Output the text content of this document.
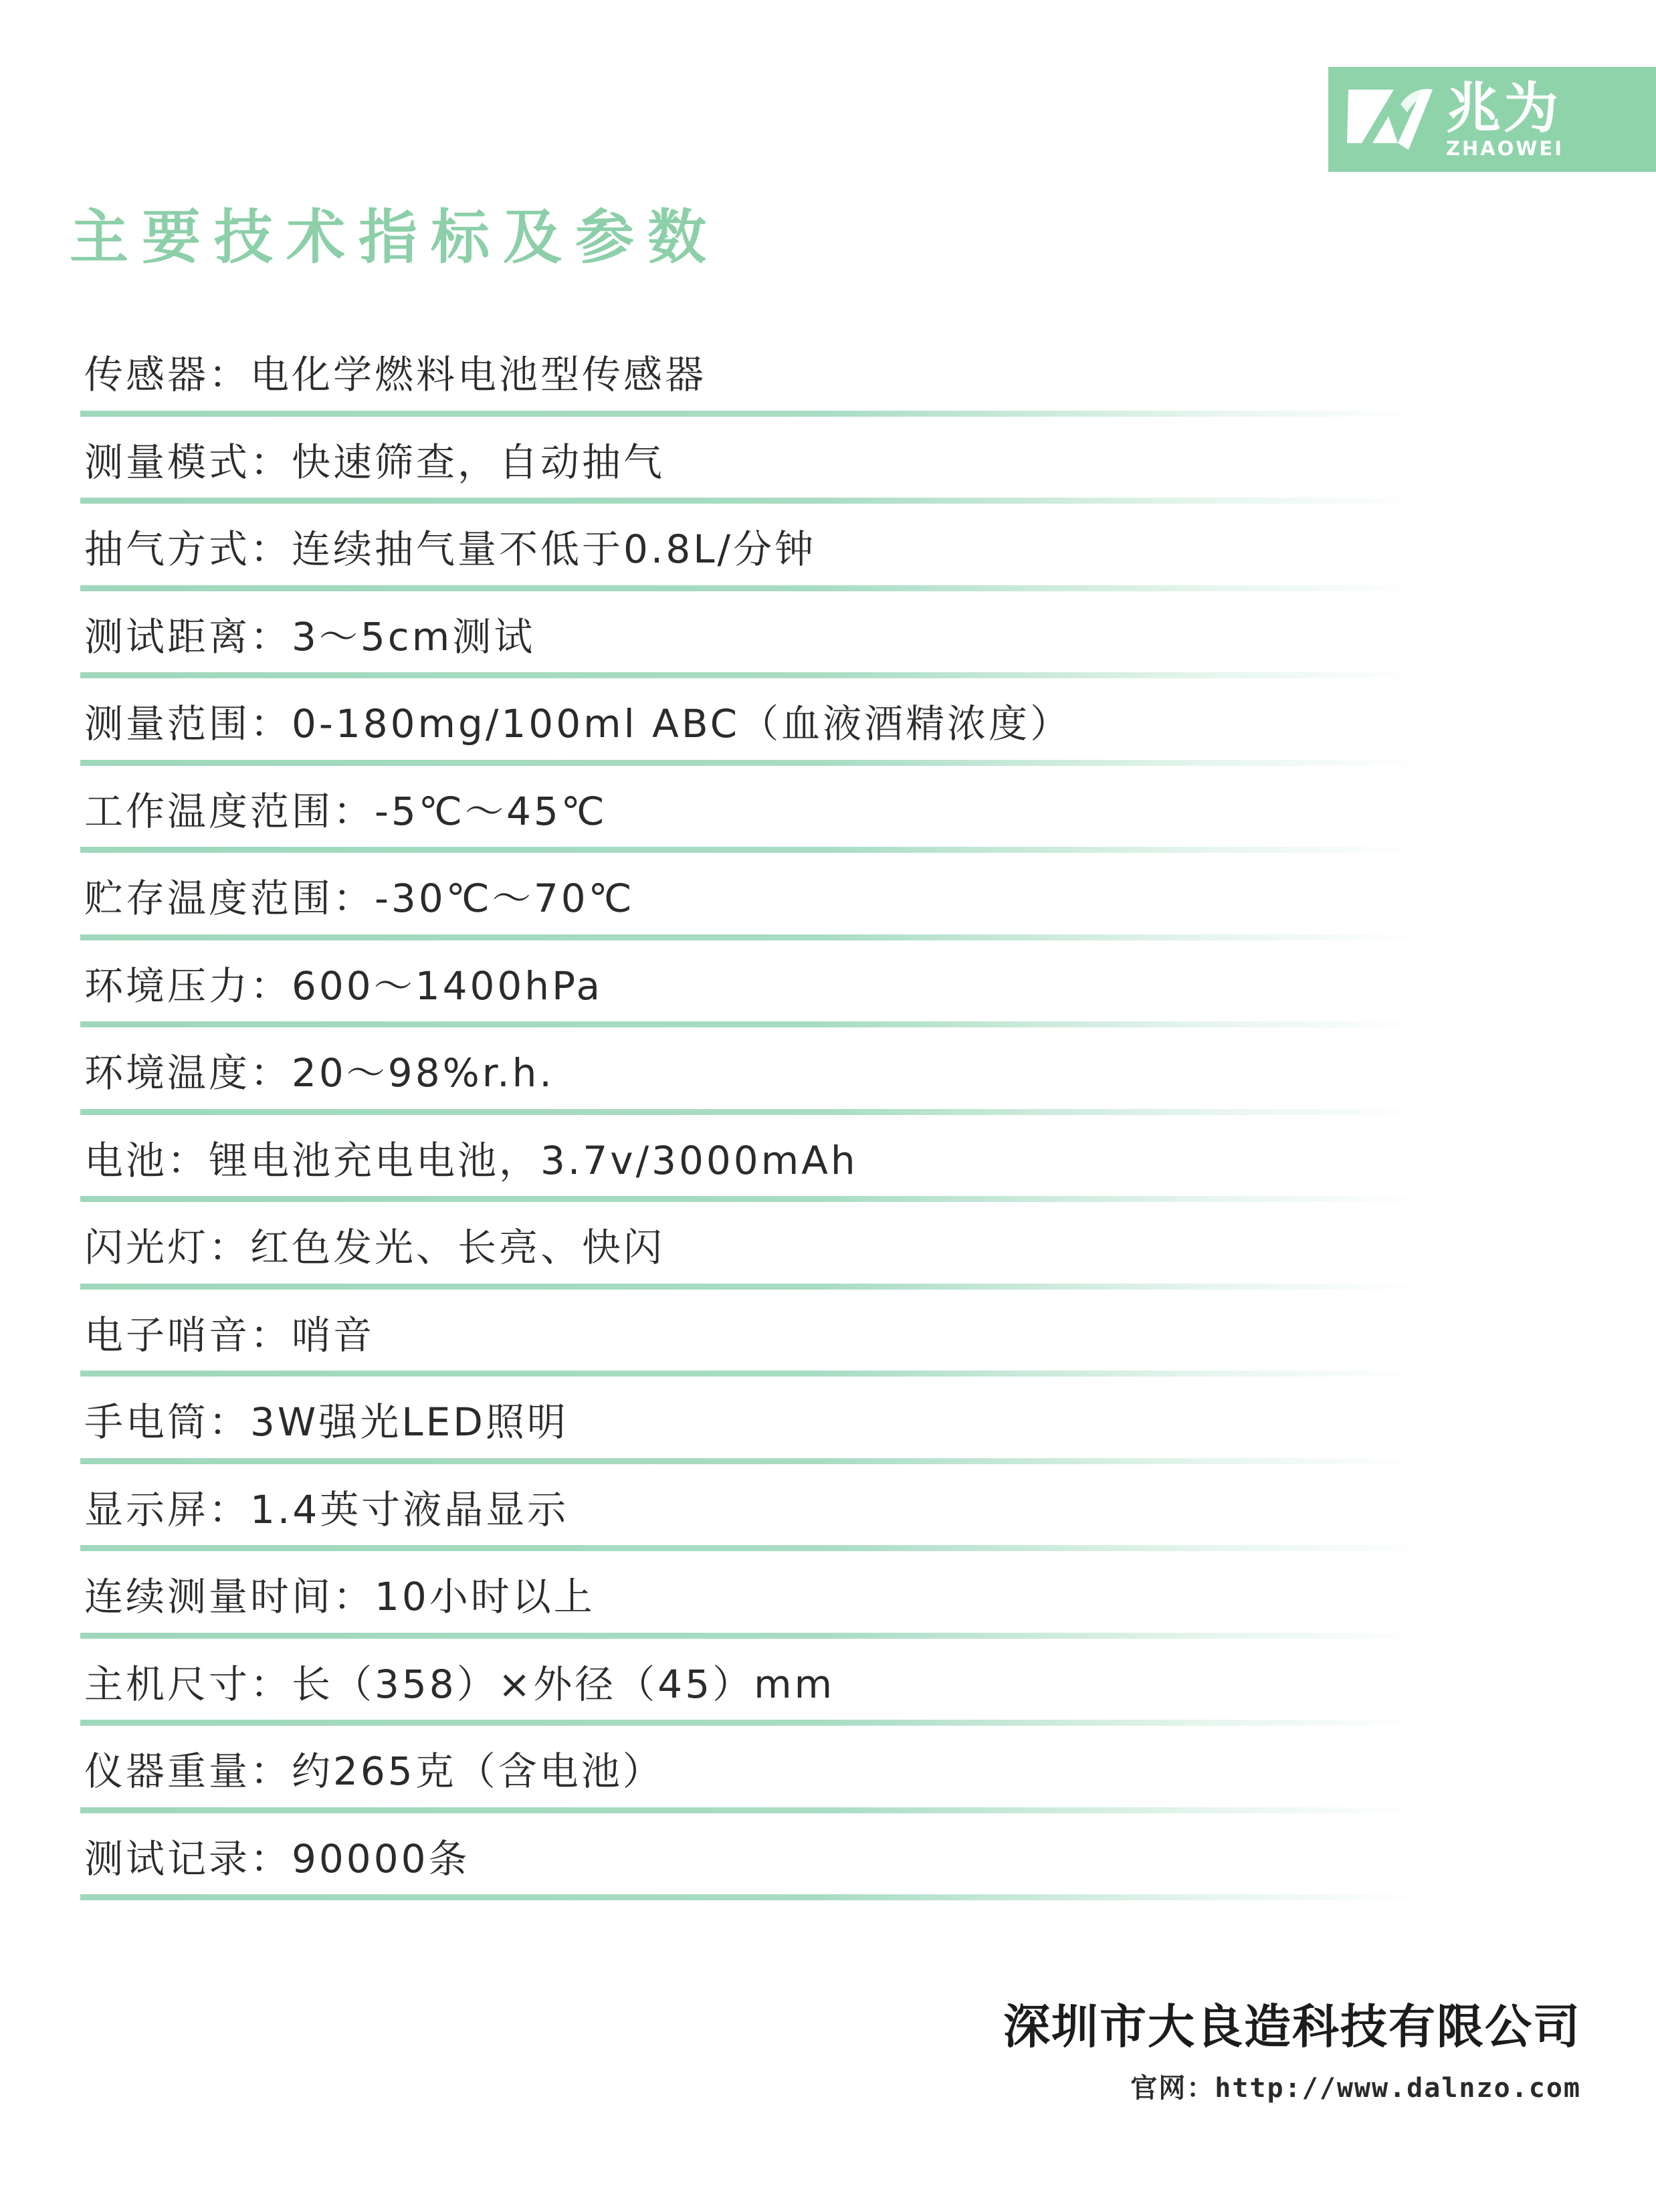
兆为
ZHAOWEI
主要技术指标及参数
传感器：电化学燃料电池型传感器
测量模式：快速筛查，自动抽气
抽气方式：连续抽气量不低于0.8L/分钟
测试距离：3～5cm测试
测量范围：0-180mg/100ml ABC（血液酒精浓度）
工作温度范围：-5℃～45℃
贮存温度范围：-30℃～70℃
环境压力：600～1400hPa
环境温度：20～98%r.h.
电池：锂电池充电电池，3.7v/3000mAh
闪光灯：红色发光、长亮、快闪
电子哨音：哨音
手电筒：3W强光LED照明
显示屏：1.4英寸液晶显示
连续测量时间：10小时以上
主机尺寸：长（358）×外径（45）mm
仪器重量：约265克（含电池）
测试记录：90000条
深圳市大良造科技有限公司
官网：http://www.dalnzo.com
